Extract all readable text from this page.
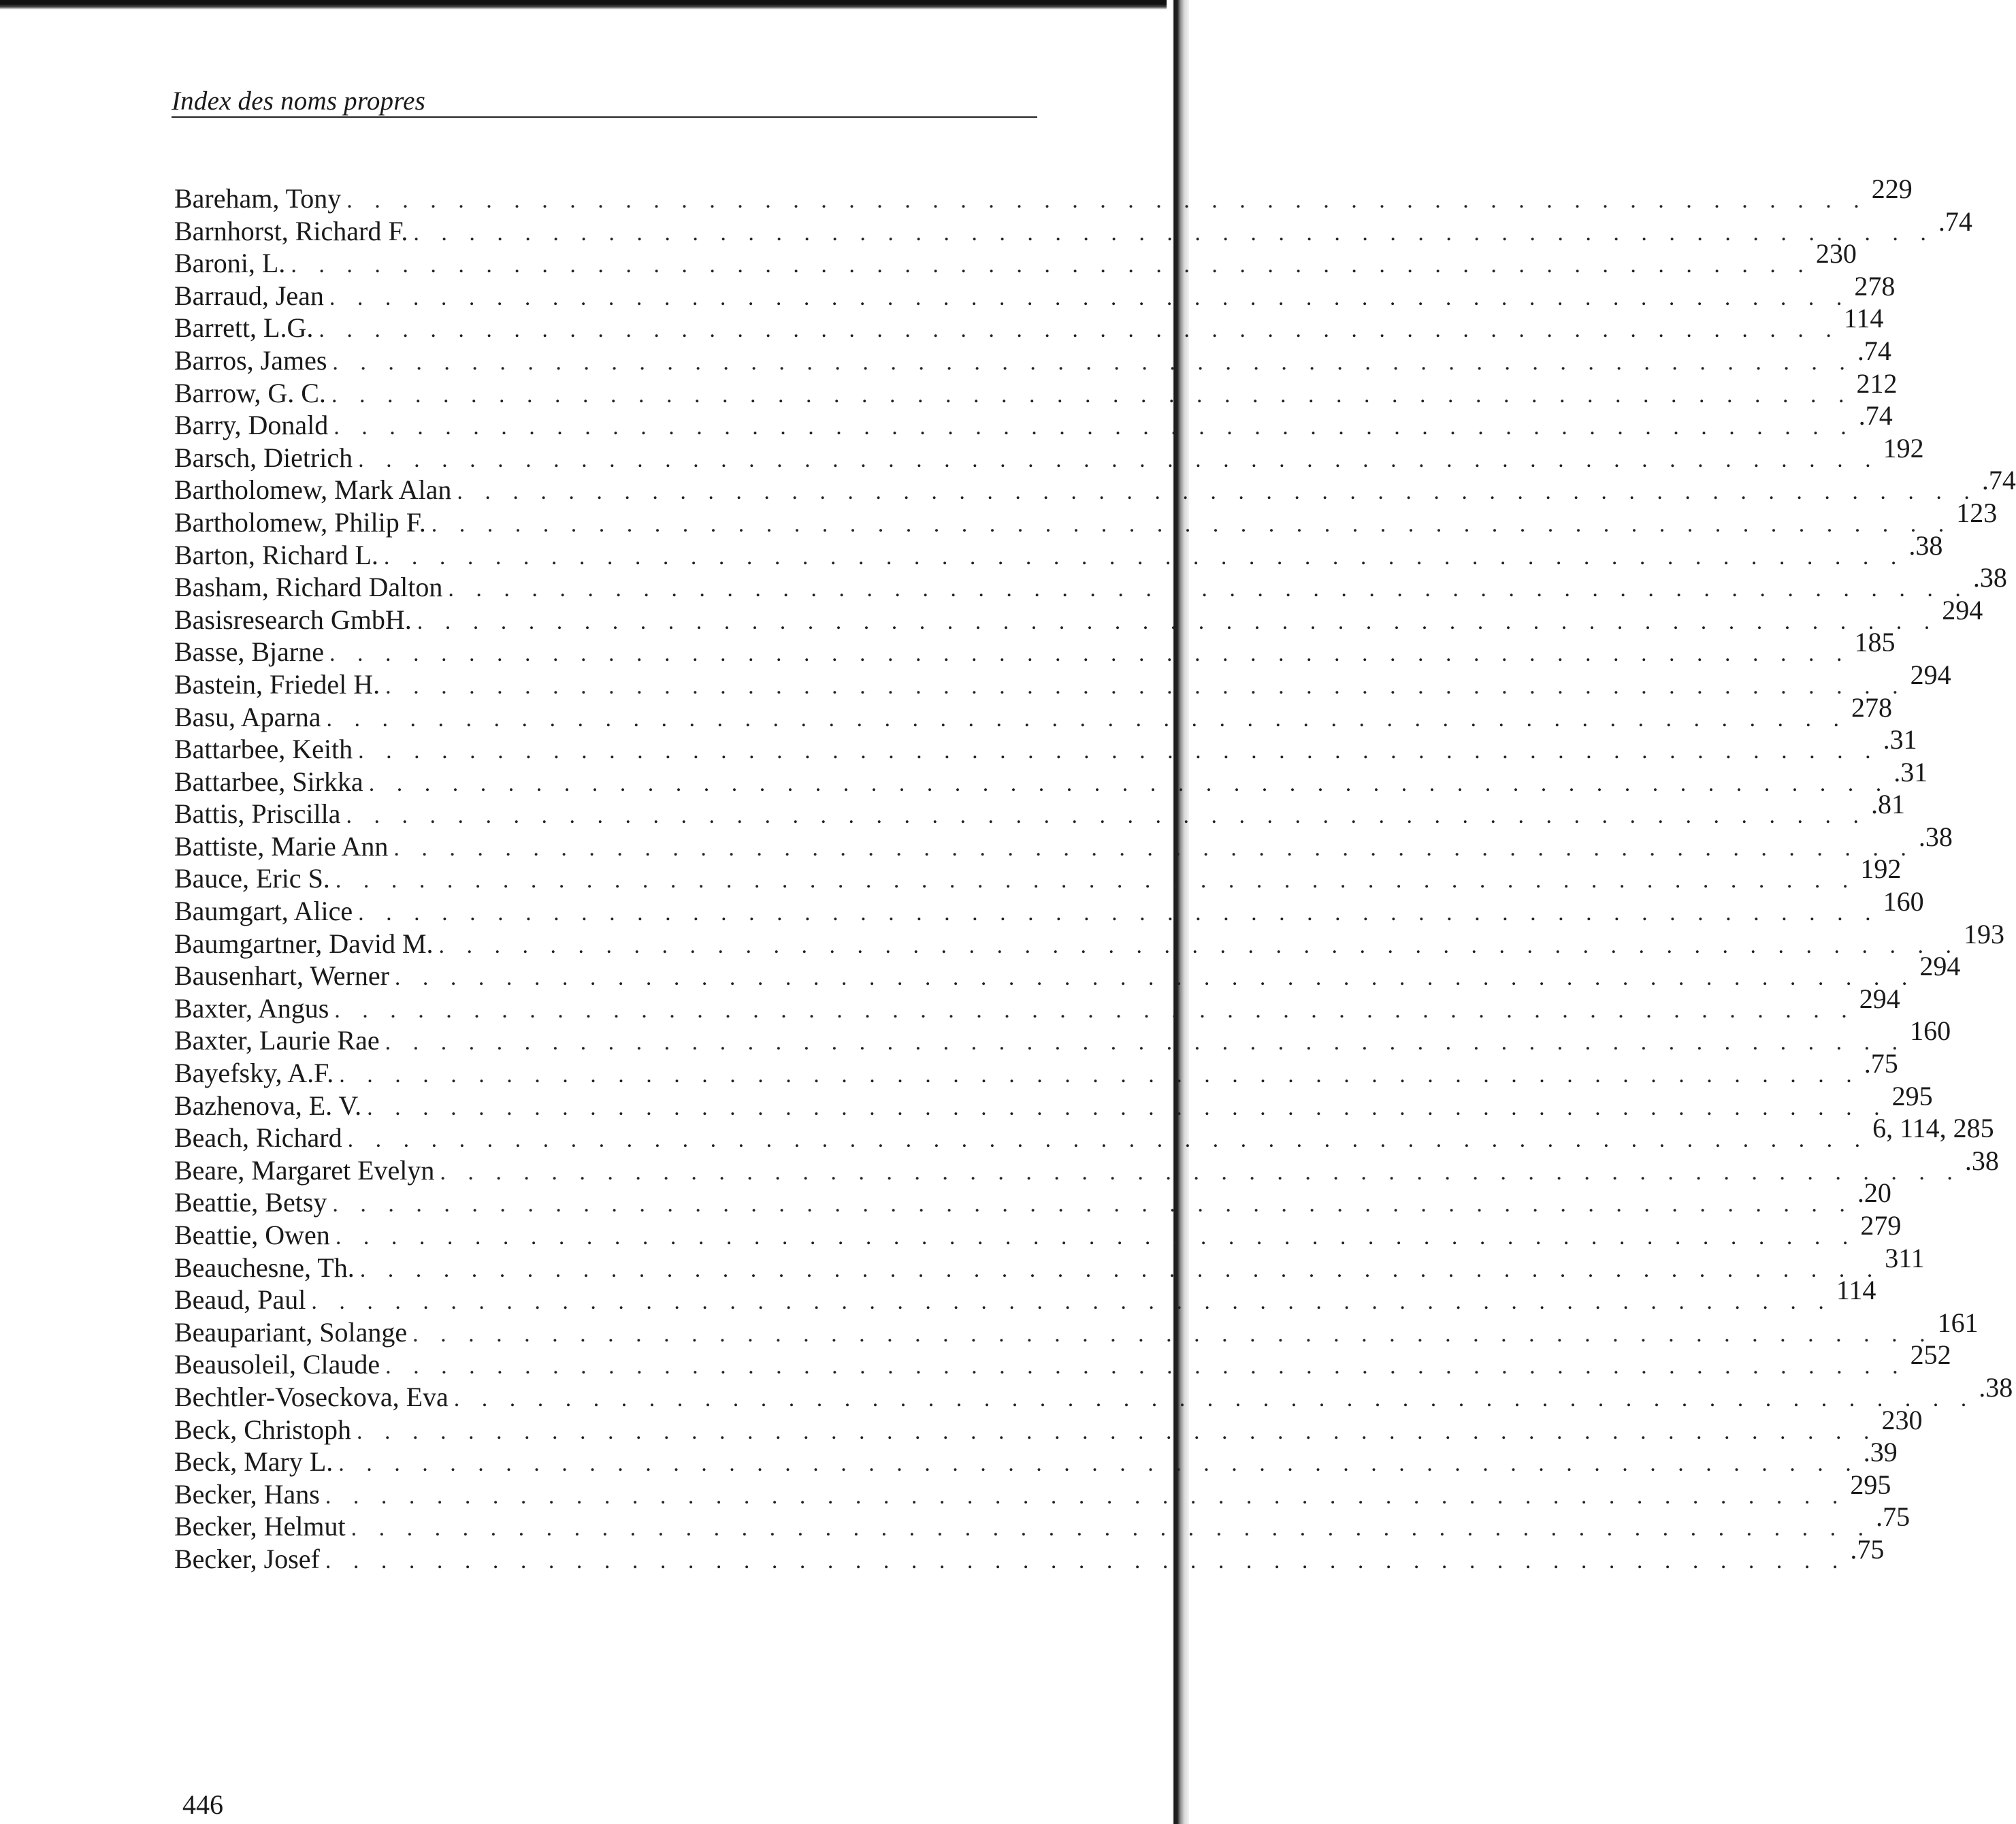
Index des noms propres
Bareham, Tony . . . . . . . . . . . . . . . . . . . . . . . . . . . . . . . . . . . . . . . . . . . . . . . . . . . . . . . 229
Barnhorst, Richard F. . . . . . . . . . . . . . . . . . . . . . . . . . . . . . . . . . . . . . . . . . . . . . . . . . . . . . . . .74
Baroni, L. . . . . . . . . . . . . . . . . . . . . . . . . . . . . . . . . . . . . . . . . . . . . . . . . . . . . . . . 230
Barraud, Jean . . . . . . . . . . . . . . . . . . . . . . . . . . . . . . . . . . . . . . . . . . . . . . . . . . . . . . . 278
Barrett, L.G. . . . . . . . . . . . . . . . . . . . . . . . . . . . . . . . . . . . . . . . . . . . . . . . . . . . . . . . 114
Barros, James . . . . . . . . . . . . . . . . . . . . . . . . . . . . . . . . . . . . . . . . . . . . . . . . . . . . . . . .74
Barrow, G. C. . . . . . . . . . . . . . . . . . . . . . . . . . . . . . . . . . . . . . . . . . . . . . . . . . . . . . . . 212
Barry, Donald . . . . . . . . . . . . . . . . . . . . . . . . . . . . . . . . . . . . . . . . . . . . . . . . . . . . . . . .74
Barsch, Dietrich . . . . . . . . . . . . . . . . . . . . . . . . . . . . . . . . . . . . . . . . . . . . . . . . . . . . . . . 192
Bartholomew, Mark Alan . . . . . . . . . . . . . . . . . . . . . . . . . . . . . . . . . . . . . . . . . . . . . . . . . . . . . . . .74
Bartholomew, Philip F. . . . . . . . . . . . . . . . . . . . . . . . . . . . . . . . . . . . . . . . . . . . . . . . . . . . . . . . 123
Barton, Richard L. . . . . . . . . . . . . . . . . . . . . . . . . . . . . . . . . . . . . . . . . . . . . . . . . . . . . . . . .38
Basham, Richard Dalton . . . . . . . . . . . . . . . . . . . . . . . . . . . . . . . . . . . . . . . . . . . . . . . . . . . . . . . .38
Basisresearch GmbH. . . . . . . . . . . . . . . . . . . . . . . . . . . . . . . . . . . . . . . . . . . . . . . . . . . . . . . . 294
Basse, Bjarne . . . . . . . . . . . . . . . . . . . . . . . . . . . . . . . . . . . . . . . . . . . . . . . . . . . . . . . 185
Bastein, Friedel H. . . . . . . . . . . . . . . . . . . . . . . . . . . . . . . . . . . . . . . . . . . . . . . . . . . . . . . . 294
Basu, Aparna . . . . . . . . . . . . . . . . . . . . . . . . . . . . . . . . . . . . . . . . . . . . . . . . . . . . . . . 278
Battarbee, Keith . . . . . . . . . . . . . . . . . . . . . . . . . . . . . . . . . . . . . . . . . . . . . . . . . . . . . . . .31
Battarbee, Sirkka . . . . . . . . . . . . . . . . . . . . . . . . . . . . . . . . . . . . . . . . . . . . . . . . . . . . . . . .31
Battis, Priscilla . . . . . . . . . . . . . . . . . . . . . . . . . . . . . . . . . . . . . . . . . . . . . . . . . . . . . . . .81
Battiste, Marie Ann . . . . . . . . . . . . . . . . . . . . . . . . . . . . . . . . . . . . . . . . . . . . . . . . . . . . . . . .38
Bauce, Eric S. . . . . . . . . . . . . . . . . . . . . . . . . . . . . . . . . . . . . . . . . . . . . . . . . . . . . . . . 192
Baumgart, Alice . . . . . . . . . . . . . . . . . . . . . . . . . . . . . . . . . . . . . . . . . . . . . . . . . . . . . . . 160
Baumgartner, David M. . . . . . . . . . . . . . . . . . . . . . . . . . . . . . . . . . . . . . . . . . . . . . . . . . . . . . . . 193
Bausenhart, Werner . . . . . . . . . . . . . . . . . . . . . . . . . . . . . . . . . . . . . . . . . . . . . . . . . . . . . . . 294
Baxter, Angus . . . . . . . . . . . . . . . . . . . . . . . . . . . . . . . . . . . . . . . . . . . . . . . . . . . . . . . 294
Baxter, Laurie Rae . . . . . . . . . . . . . . . . . . . . . . . . . . . . . . . . . . . . . . . . . . . . . . . . . . . . . . . 160
Bayefsky, A.F. . . . . . . . . . . . . . . . . . . . . . . . . . . . . . . . . . . . . . . . . . . . . . . . . . . . . . . . .75
Bazhenova, E. V. . . . . . . . . . . . . . . . . . . . . . . . . . . . . . . . . . . . . . . . . . . . . . . . . . . . . . . . 295
Beach, Richard . . . . . . . . . . . . . . . . . . . . . . . . . . . . . . . . . . . . . . . . . . . . . . . . . . . . . . . 6, 114, 285
Beare, Margaret Evelyn . . . . . . . . . . . . . . . . . . . . . . . . . . . . . . . . . . . . . . . . . . . . . . . . . . . . . . . .38
Beattie, Betsy . . . . . . . . . . . . . . . . . . . . . . . . . . . . . . . . . . . . . . . . . . . . . . . . . . . . . . . .20
Beattie, Owen . . . . . . . . . . . . . . . . . . . . . . . . . . . . . . . . . . . . . . . . . . . . . . . . . . . . . . . 279
Beauchesne, Th. . . . . . . . . . . . . . . . . . . . . . . . . . . . . . . . . . . . . . . . . . . . . . . . . . . . . . . . 311
Beaud, Paul . . . . . . . . . . . . . . . . . . . . . . . . . . . . . . . . . . . . . . . . . . . . . . . . . . . . . . . 114
Beaupariant, Solange . . . . . . . . . . . . . . . . . . . . . . . . . . . . . . . . . . . . . . . . . . . . . . . . . . . . . . . 161
Beausoleil, Claude . . . . . . . . . . . . . . . . . . . . . . . . . . . . . . . . . . . . . . . . . . . . . . . . . . . . . . . 252
Bechtler-Voseckova, Eva . . . . . . . . . . . . . . . . . . . . . . . . . . . . . . . . . . . . . . . . . . . . . . . . . . . . . . . .38
Beck, Christoph . . . . . . . . . . . . . . . . . . . . . . . . . . . . . . . . . . . . . . . . . . . . . . . . . . . . . . . 230
Beck, Mary L. . . . . . . . . . . . . . . . . . . . . . . . . . . . . . . . . . . . . . . . . . . . . . . . . . . . . . . . .39
Becker, Hans . . . . . . . . . . . . . . . . . . . . . . . . . . . . . . . . . . . . . . . . . . . . . . . . . . . . . . . 295
Becker, Helmut . . . . . . . . . . . . . . . . . . . . . . . . . . . . . . . . . . . . . . . . . . . . . . . . . . . . . . . .75
Becker, Josef . . . . . . . . . . . . . . . . . . . . . . . . . . . . . . . . . . . . . . . . . . . . . . . . . . . . . . . .75
446
